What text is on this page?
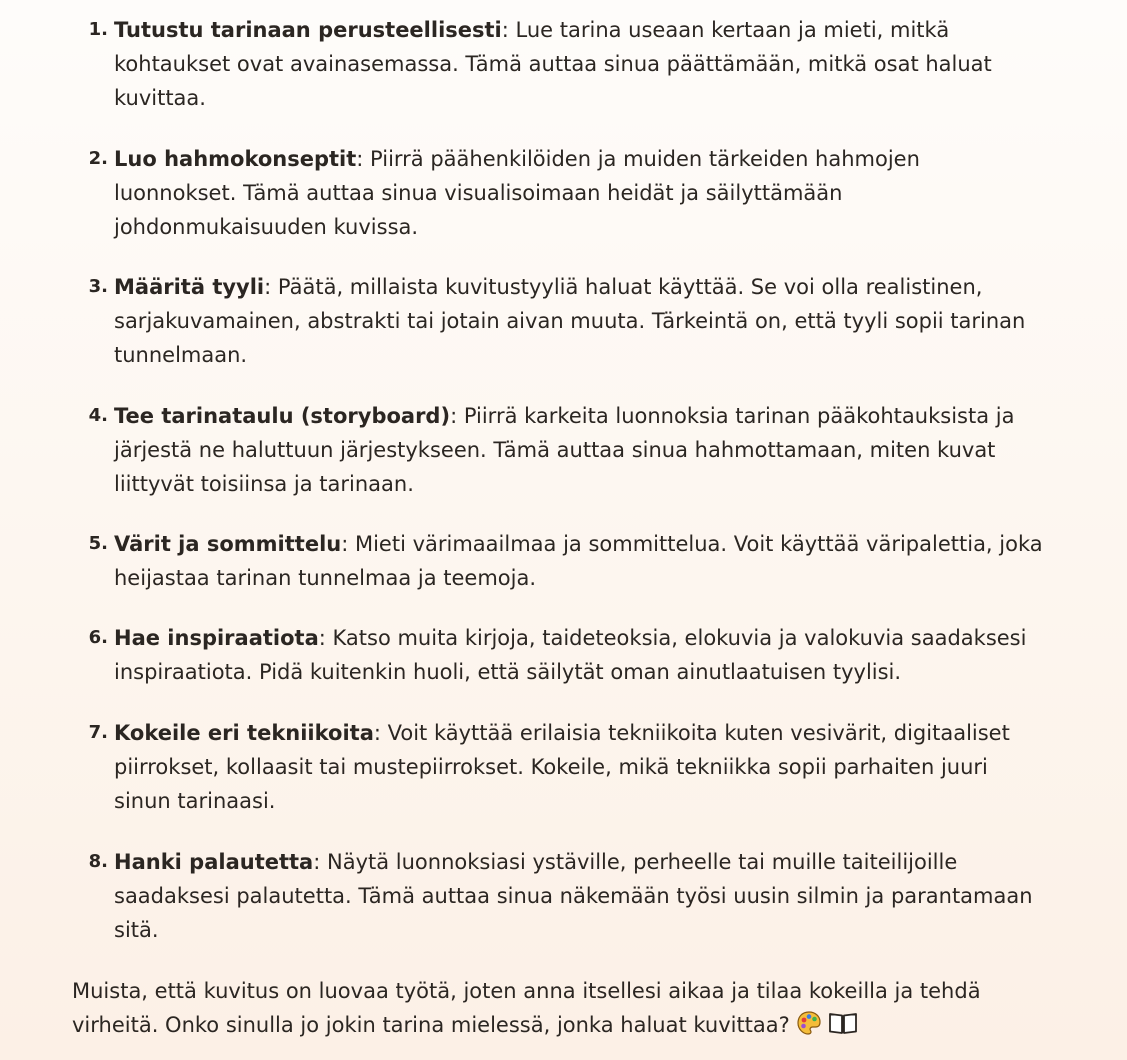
1. Tutustu tarinaan perusteellisesti: Lue tarina useaan kertaan ja mieti, mitkä
kohtaukset ovat avainasemassa. Tämä auttaa sinua päättämään, mitkä osat haluat
kuvittaa.
2. Luo hahmokonseptit: Piirrä päähenkilöiden ja muiden tärkeiden hahmojen
luonnokset. Tämä auttaa sinua visualisoimaan heidät ja säilyttämään
johdonmukaisuuden kuvissa.
3. Määritä tyyli: Päätä, millaista kuvitustyyliä haluat käyttää. Se voi olla realistinen,
sarjakuvamainen, abstrakti tai jotain aivan muuta. Tärkeintä on, että tyyli sopii tarinan
tunnelmaan.
4. Tee tarinataulu (storyboard): Piirrä karkeita luonnoksia tarinan pääkohtauksista ja
järjestä ne haluttuun järjestykseen. Tämä auttaa sinua hahmottamaan, miten kuvat
liittyvät toisiinsa ja tarinaan.
5. Värit ja sommittelu: Mieti värimaailmaa ja sommittelua. Voit käyttää väripalettia, joka
heijastaa tarinan tunnelmaa ja teemoja.
6. Hae inspiraatiota: Katso muita kirjoja, taideteoksia, elokuvia ja valokuvia saadaksesi
inspiraatiota. Pidä kuitenkin huoli, että säilytät oman ainutlaatuisen tyylisi.
7. Kokeile eri tekniikoita: Voit käyttää erilaisia tekniikoita kuten vesivärit, digitaaliset
piirrokset, kollaasit tai mustepiirrokset. Kokeile, mikä tekniikka sopii parhaiten juuri
sinun tarinaasi.
8. Hanki palautetta: Näytä luonnoksiasi ystäville, perheelle tai muille taiteilijoille
saadaksesi palautetta. Tämä auttaa sinua näkemään työsi uusin silmin ja parantamaan
sitä.

Muista, että kuvitus on luovaa työtä, joten anna itsellesi aikaa ja tilaa kokeilla ja tehdä
virheitä. Onko sinulla jo jokin tarina mielessä, jonka haluat kuvittaa?
